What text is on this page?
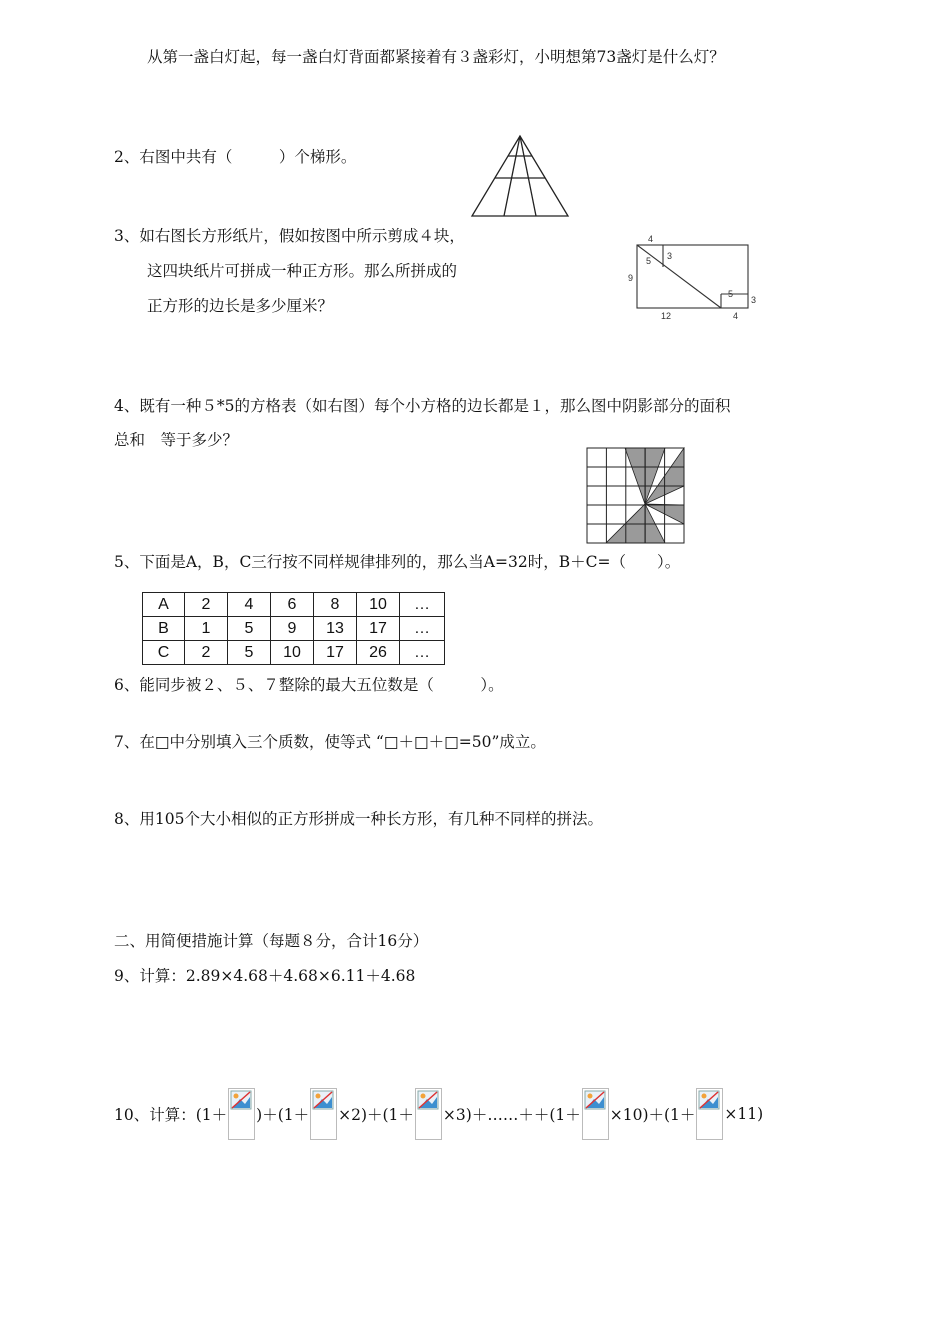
从第一盏白灯起，每一盏白灯背面都紧接着有３盏彩灯，小明想第73盏灯是什么灯？
2、右图中共有（　　　）个梯形。
3、如右图长方形纸片，假如按图中所示剪成４块，
这四块纸片可拼成一种正方形。那么所拼成的
正方形的边长是多少厘米？
4
9
5 3
5
3
12	4
4、既有一种５*5的方格表（如右图）每个小方格的边长都是１，那么图中阴影部分的面积
总和　等于多少？
5、下面是A，B，C三行按不同样规律排列的，那么当A=32时，B＋C=（　　）。
A	2	4	6	8	10	…
B	1	5	9	13	17	…
C	2	5	10	17	26	…
6、能同步被２、５、７整除的最大五位数是（　　　）。
7、在□中分别填入三个质数，使等式 “□＋□＋□=50”成立。
8、用105个大小相似的正方形拼成一种长方形，有几种不同样的拼法。
二、用简便措施计算（每题８分，合计16分）
9、计算：2.89×4.68＋4.68×6.11＋4.68
10、计算：(1＋ )＋(1＋ ×2)＋(1＋ ×3)＋……＋＋(1＋ ×10)＋(1＋ ×11)
